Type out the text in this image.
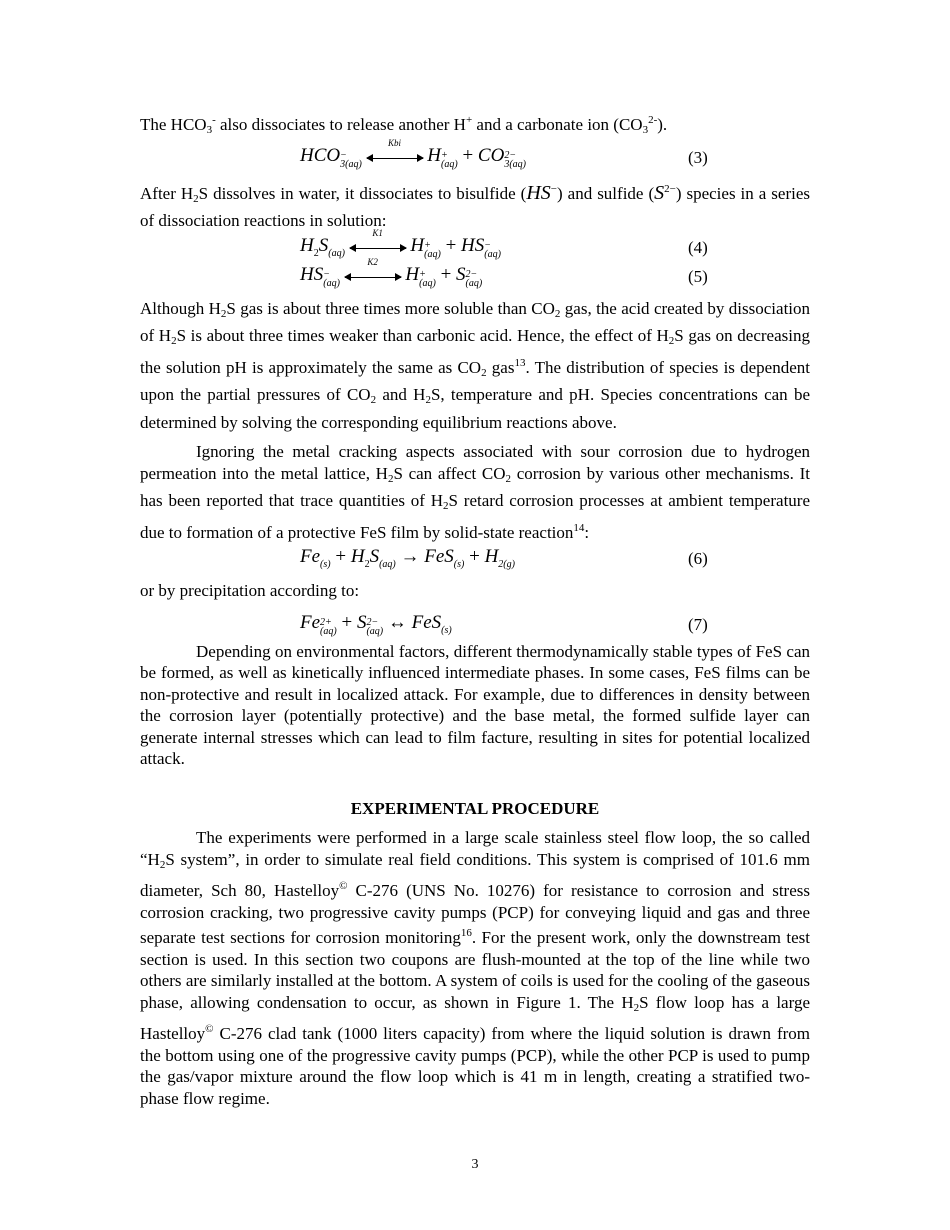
The HCO3- also dissociates to release another H+ and a carbonate ion $(CO3^{2-})$.

HCO −
3(aq)

Kbi
H +
(aq) + CO 2−
3(aq)	(3)

After H2S dissolves in water, it dissociates to bisulfide (HS−) and sulfide $(S^{2-})$ species in a series of dissociation reactions in solution:

$H_2S_{(aq)}$
K1
H +
(aq) + HS −
(aq)	(4)
HS −
(aq)

K2
H +
(aq) + S 2−
(aq)	(5)

Although H2S gas is about three times more soluble than CO2 gas, the acid created by dissociation of H2S is about three times weaker than carbonic acid. Hence, the effect of H2S gas on decreasing the solution pH is approximately the same as CO2 gas$^{13}$. The distribution of species is dependent upon the partial pressures of CO2 and H2S, temperature and pH. Species concentrations can be determined by solving the corresponding equilibrium reactions above.

Ignoring the metal cracking aspects associated with sour corrosion due to hydrogen permeation into the metal lattice, H2S can affect CO2 corrosion by various other mechanisms. It has been reported that trace quantities of H2S retard corrosion processes at ambient temperature due to formation of a protective FeS film by solid-state reaction$^{14}$:

$Fe_{(s)} + H_2S_{(aq)} \to FeS_{(s)} + H_{2(g)}$	(6)

or by precipitation according to:

Fe 2+
(aq) + S 2−
(aq) ↔ FeS$_{(s)}$	(7)

Depending on environmental factors, different thermodynamically stable types of FeS can be formed, as well as kinetically influenced intermediate phases. In some cases, FeS films can be non-protective and result in localized attack. For example, due to differences in density between the corrosion layer (potentially protective) and the base metal, the formed sulfide layer can generate internal stresses which can lead to film facture, resulting in sites for potential localized attack.

EXPERIMENTAL PROCEDURE

The experiments were performed in a large scale stainless steel flow loop, the so called “H2S system”, in order to simulate real field conditions. This system is comprised of 101.6 mm diameter, Sch 80, Hastelloy© C-276 (UNS No. 10276) for resistance to corrosion and stress corrosion cracking, two progressive cavity pumps (PCP) for conveying liquid and gas and three separate test sections for corrosion monitoring$^{16}$. For the present work, only the downstream test section is used. In this section two coupons are flush-mounted at the top of the line while two others are similarly installed at the bottom. A system of coils is used for the cooling of the gaseous phase, allowing condensation to occur, as shown in Figure 1. The H2S flow loop has a large Hastelloy© C-276 clad tank (1000 liters capacity) from where the liquid solution is drawn from the bottom using one of the progressive cavity pumps (PCP), while the other PCP is used to pump the gas/vapor mixture around the flow loop which is 41 m in length, creating a stratified two-phase flow regime.

3
